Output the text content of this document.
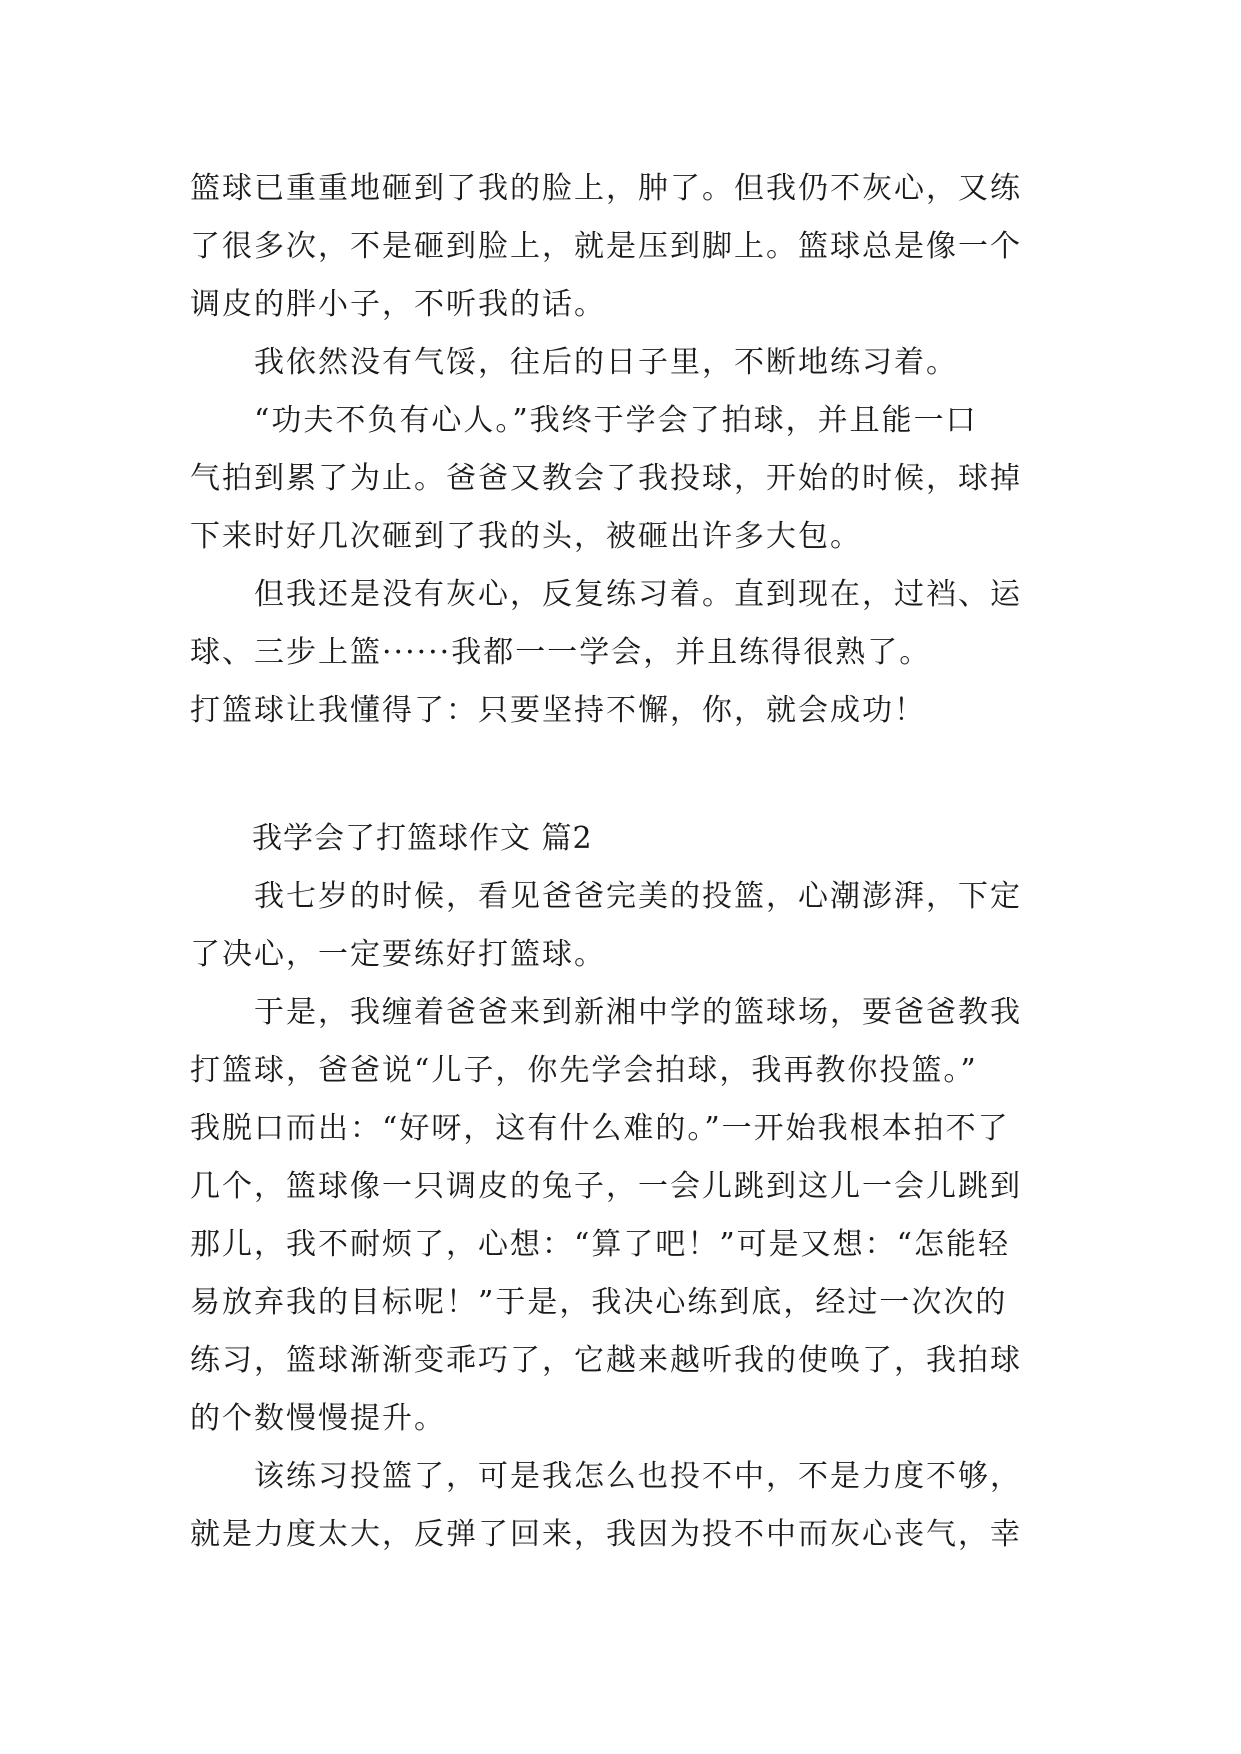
篮球已重重地砸到了我的脸上，肿了。但我仍不灰心，又练
了很多次，不是砸到脸上，就是压到脚上。篮球总是像一个
调皮的胖小子，不听我的话。
　　我依然没有气馁，往后的日子里，不断地练习着。
　　“功夫不负有心人。”我终于学会了拍球，并且能一口
气拍到累了为止。爸爸又教会了我投球，开始的时候，球掉
下来时好几次砸到了我的头，被砸出许多大包。
　　但我还是没有灰心，反复练习着。直到现在，过裆、运
球、三步上篮······我都一一学会，并且练得很熟了。
打篮球让我懂得了：只要坚持不懈，你，就会成功！
　　我学会了打篮球作文 篇2
　　我七岁的时候，看见爸爸完美的投篮，心潮澎湃，下定
了决心，一定要练好打篮球。
　　于是，我缠着爸爸来到新湘中学的篮球场，要爸爸教我
打篮球，爸爸说“儿子，你先学会拍球，我再教你投篮。”
我脱口而出：“好呀，这有什么难的。”一开始我根本拍不了
几个，篮球像一只调皮的兔子，一会儿跳到这儿一会儿跳到
那儿，我不耐烦了，心想：“算了吧！”可是又想：“怎能轻
易放弃我的目标呢！”于是，我决心练到底，经过一次次的
练习，篮球渐渐变乖巧了，它越来越听我的使唤了，我拍球
的个数慢慢提升。
　　该练习投篮了，可是我怎么也投不中，不是力度不够，
就是力度太大，反弹了回来，我因为投不中而灰心丧气，幸
